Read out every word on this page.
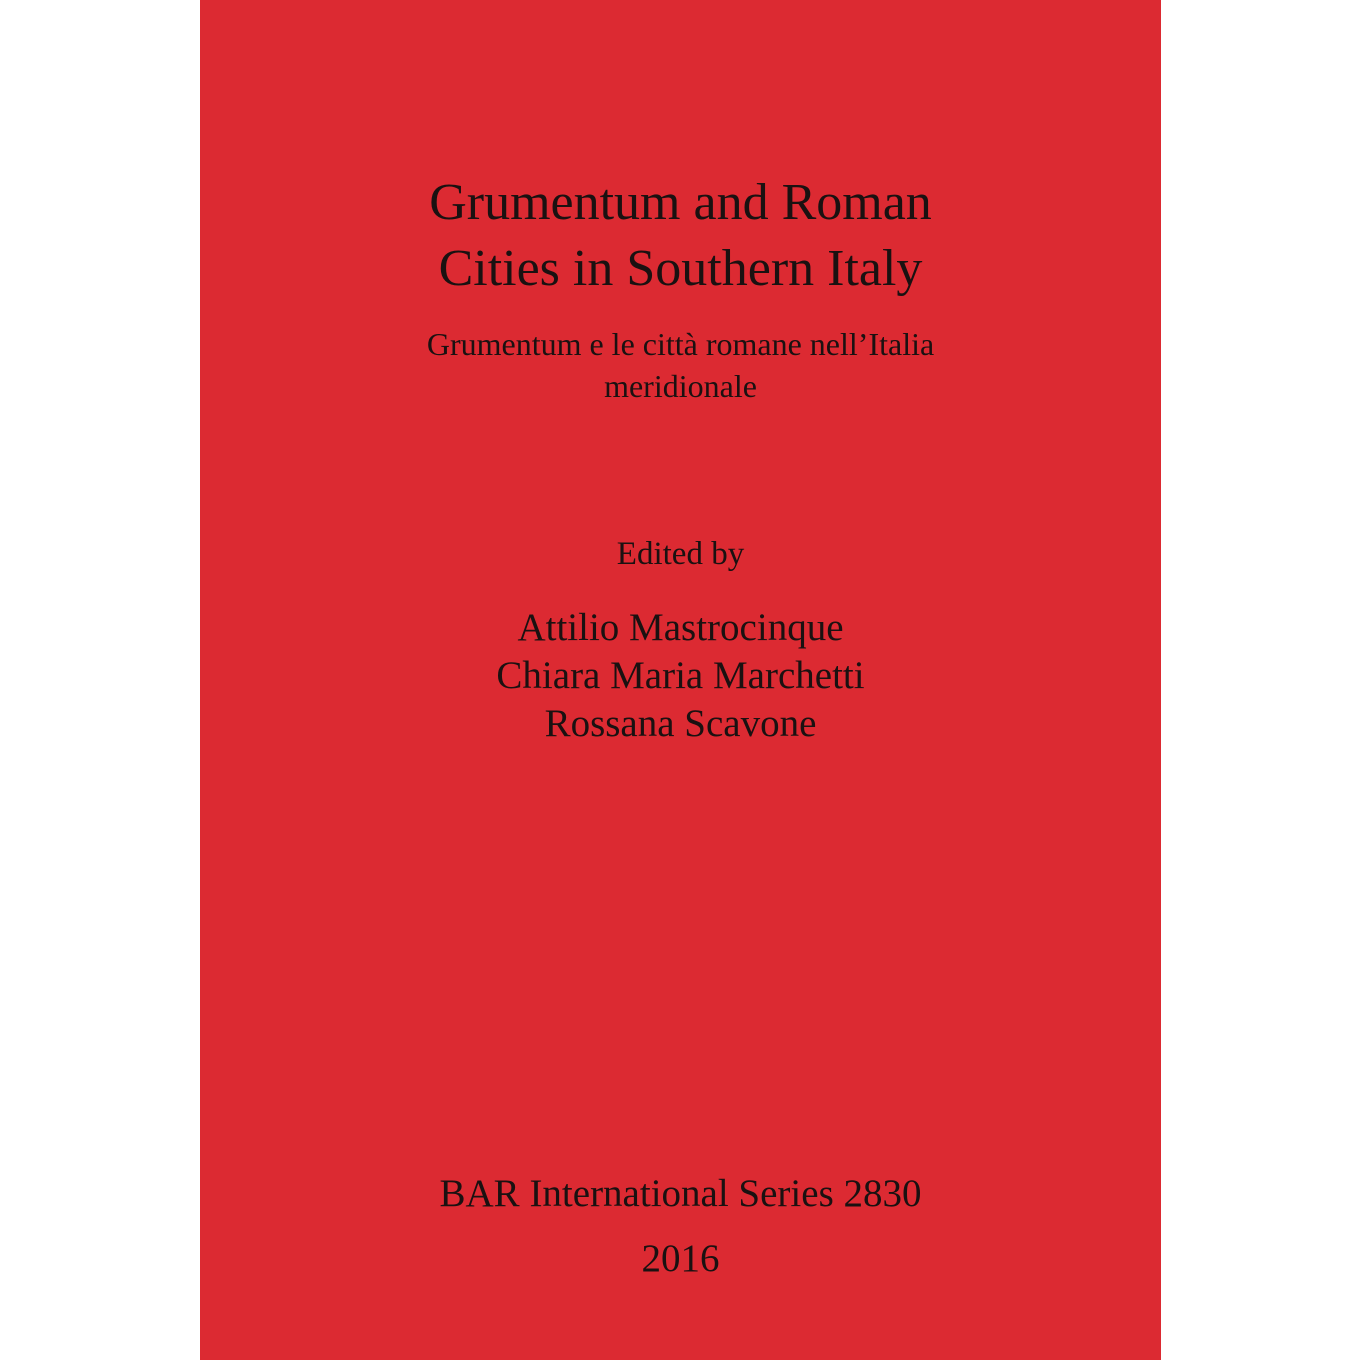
Grumentum and Roman
Cities in Southern Italy

Grumentum e le città romane nell’Italia
meridionale

Edited by

Attilio Mastrocinque
Chiara Maria Marchetti
Rossana Scavone

BAR International Series 2830

2016
